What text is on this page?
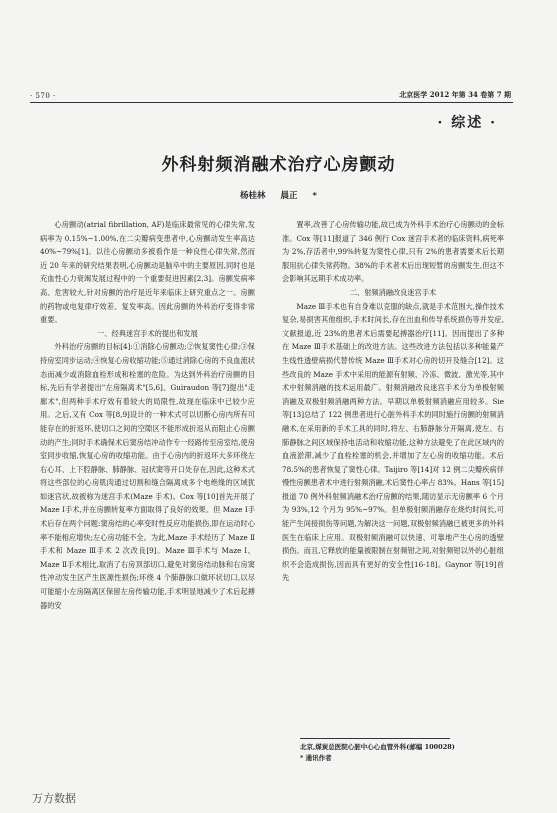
· 570 ·	北京医学 2012 年第 34 卷第 7 期
· 综述 ·
外科射频消融术治疗心房颤动
杨桂林 晨正 *

心房颤动(atrial fibrillation, AF)是临床最常见的心律失常,发病率为 0.15%~1.00%,在二尖瓣病变患者中,心房颤动发生率高达 40%~79%[1]。以往心房颤动多被看作是一种良性心律失常,然而近 20 年来的研究结果表明,心房颤动是脑卒中的主要原因,同时也是充血性心力衰竭发展过程中的一个重要促进因素[2,3]。房颤发病率高、危害较大,针对房颤的治疗是近年来临床上研究重点之一。房颤的药物或电复律疗效差、复发率高。因此房颤的外科治疗变得非常重要。

一、经典迷宫手术的提出和发展

外科治疗房颤的目标[4]:①消除心房颤动;②恢复窦性心律;③保持房室同步运动;④恢复心房收缩功能;⑤通过消除心房的不良血流状态而减少或消除血栓形成和栓塞的危险。为达到外科治疗房颤的目标,先后有学者提出"左房隔离术"[5,6]、Guiraudon 等[7]提出"走廊术",但两种手术疗效有着较大的局限性,故现在临床中已较少应用。之后,又有 Cox 等[8,9]设计的一种术式可以切断心房内所有可能存在的折返环,使切口之间的空隙区不能形成折返从而阻止心房颤动的产生;同时手术确保术后窦房结冲动作专一经路传至房室结,使房室同步收缩,恢复心房的收缩功能。由于心房内的折返环大多环绕左右心耳、上下腔静脉、肺静脉、冠状窦等开口处存在,因此,这种术式将这些部位的心房肌肉通过切割和缝合隔离成多个电绝缘的区域犹如迷宫状,故被称为迷宫手术(Maze 手术)。Cox 等[10]首先开展了 Maze Ⅰ手术,并在房颤转复率方面取得了良好的效果。但 Maze Ⅰ手术后存在两个问题:窦房结的心率变时性反应功能损伤,即在运动时心率不能相应增快;左心房功能不全。为此,Maze 手术经历了 Maze Ⅱ手术和 Maze Ⅲ手术 2 次改良[9]。Maze Ⅲ手术与 Maze Ⅰ、Maze Ⅱ手术相比,取消了右房顶部切口,避免对窦房结动脉和右房窦性冲动发生区产生医源性损伤;环绕 4 个肺静脉口做环状切口,以尽可能缩小左房隔离区保留左房传输功能,手术明显地减少了术后起搏器的安

置率,改善了心房传输功能,故已成为外科手术治疗心房颤动的金标准。Cox 等[11]报道了 346 例行 Cox 迷宫手术者的临床资料,病死率为 2%,存活者中,99%转复为窦性心律,只有 2%的患者需要术后长期服用抗心律失常药物。38%的手术者术后出现短暂的房颤发生,但这不会影响其远期手术成功率。

二、射频消融改良迷宫手术

Maze Ⅲ手术也有自身难以克服的缺点,就是手术范围大,操作技术复杂,易损害其他组织,手术时间长,存在出血和传导系统损伤等并发症,文献报道,近 23%的患者术后需要起搏器治疗[11]。因而提出了多种在 Maze Ⅲ手术基础上的改进方法。这些改进方法包括以多种能量产生线性透壁病损代替传统 Maze Ⅲ手术对心房的切开及缝合[12]。这些改良的 Maze 手术中采用的能源有射频、冷冻、微波、激光等,其中术中射频消融的技术运用最广。射频消融改良迷宫手术分为单极射频消融及双极射频消融两种方法。早期以单极射频消融应用较多。Sie 等[13]总结了 122 例患者进行心脏外科手术的同时施行房颤的射频消融术,在采用新的手术工具的同时,将左、右肺静脉分开隔离,使左、右肺静脉之间区域保持电活动和收缩功能,这种方法避免了在此区域内的血液淤滞,减少了血栓栓塞的机会,并增加了左心房的收缩功能。术后 78.5%的患者恢复了窦性心律。Taijiro 等[14]对 12 例二尖瓣疾病伴慢性房颤患者术中进行射频消融,术后窦性心率占 83%。Hans 等[15]报道 70 例外科射频消融术治疗房颤的结果,随访显示无房颤率 6 个月为 93%,12 个月为 95%~97%。但单极射频消融存在烧灼时间长,可能产生间接损伤等问题,为解决这一问题,双极射频消融已被更多的外科医生在临床上应用。双极射频消融可以快速、可靠地产生心房的透壁损伤。而且,它释放的能量被限制在射频钳之间,对射频钳以外的心脏组织不会造成损伤,因而具有更好的安全性[16-18]。Gaynor 等[19]首先

北京,煤炭总医院心脏中心心血管外科(邮编 100028)
* 通讯作者
万方数据
